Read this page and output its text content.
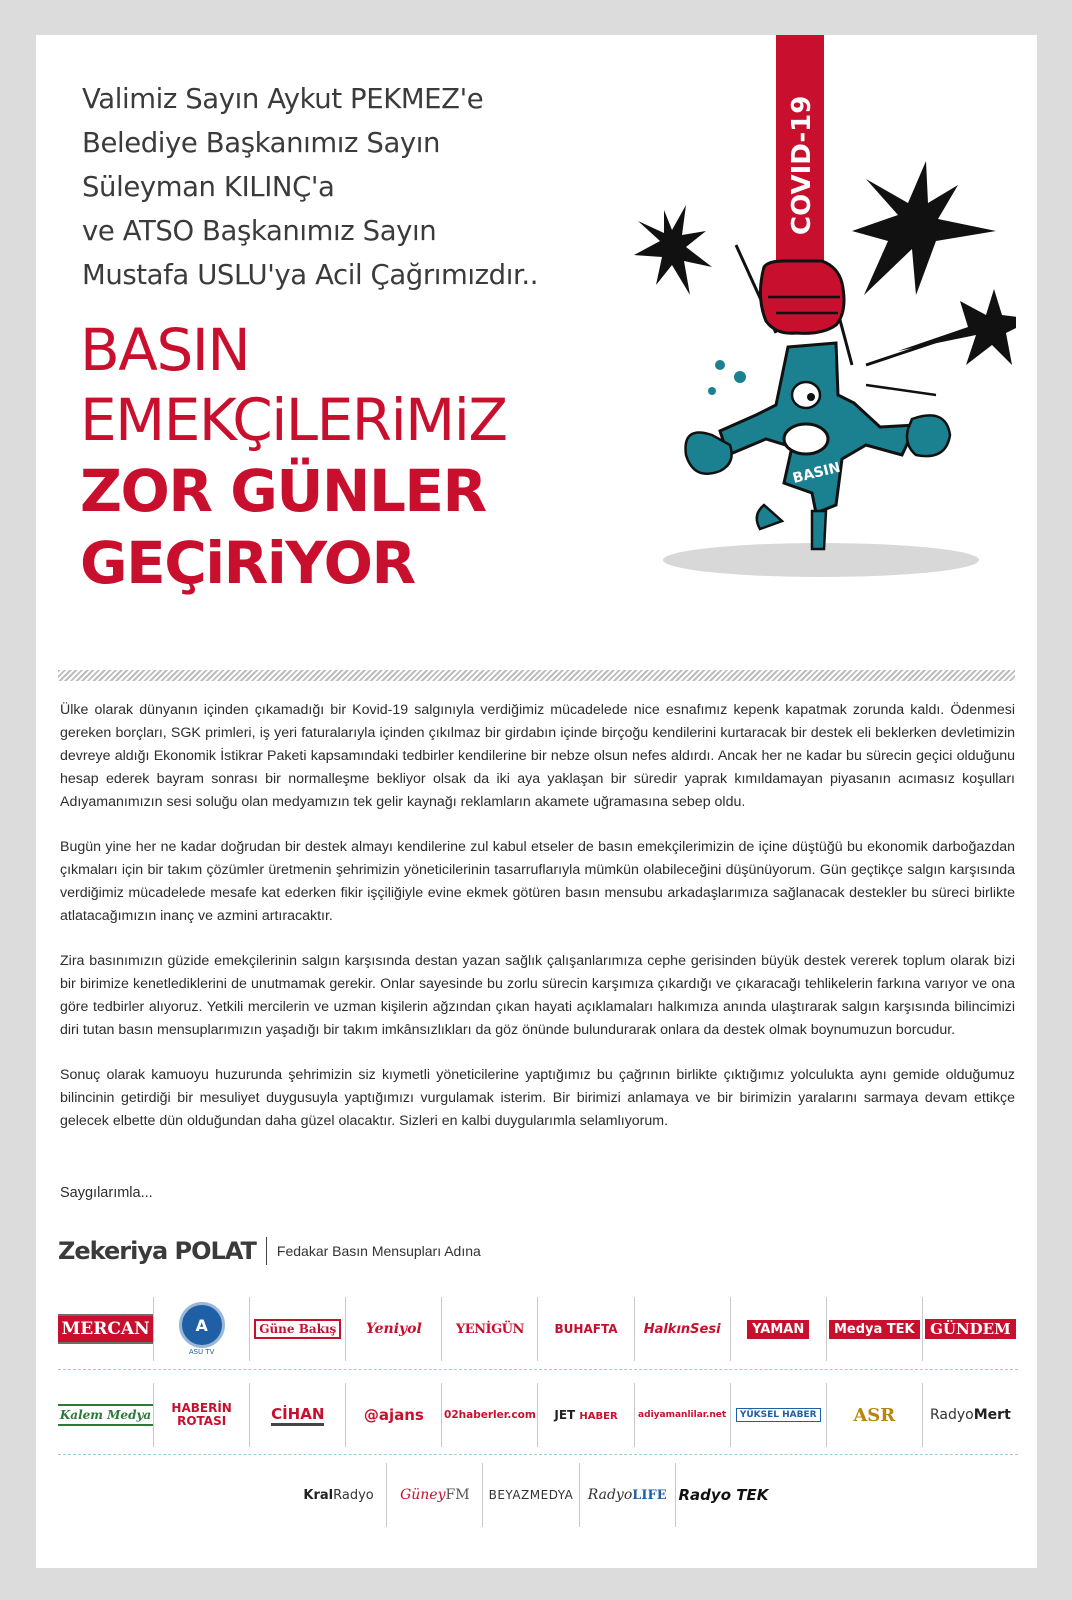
Valimiz Sayın Aykut PEKMEZ'e
Belediye Başkanımız Sayın
Süleyman KILINÇ'a
ve ATSO Başkanımız Sayın
Mustafa USLU'ya Acil Çağrımızdır..
BASIN
EMEKÇiLERiMiZ
ZOR GÜNLER
GEÇiRiYOR
COVID-19
BASIN

Ülke olarak dünyanın içinden çıkamadığı bir Kovid-19 salgınıyla verdiğimiz mücadelede nice esnafımız kepenk kapatmak zorunda kaldı. Ödenmesi gereken borçları, SGK primleri, iş yeri faturalarıyla içinden çıkılmaz bir girdabın içinde birçoğu kendilerini kurtaracak bir destek eli beklerken devletimizin devreye aldığı Ekonomik İstikrar Paketi kapsamındaki tedbirler kendilerine bir nebze olsun nefes aldırdı. Ancak her ne kadar bu sürecin geçici olduğunu hesap ederek bayram sonrası bir normalleşme bekliyor olsak da iki aya yaklaşan bir süredir yaprak kımıldamayan piyasanın acımasız koşulları Adıyamanımızın sesi soluğu olan medyamızın tek gelir kaynağı reklamların akamete uğramasına sebep oldu.

Bugün yine her ne kadar doğrudan bir destek almayı kendilerine zul kabul etseler de basın emekçilerimizin de içine düştüğü bu ekonomik darboğazdan çıkmaları için bir takım çözümler üretmenin şehrimizin yöneticilerinin tasarruflarıyla mümkün olabileceğini düşünüyorum. Gün geçtikçe salgın karşısında verdiğimiz mücadelede mesafe kat ederken fikir işçiliğiyle evine ekmek götüren basın mensubu arkadaşlarımıza sağlanacak destekler bu süreci birlikte atlatacağımızın inanç ve azmini artıracaktır.

Zira basınımızın güzide emekçilerinin salgın karşısında destan yazan sağlık çalışanlarımıza cephe gerisinden büyük destek vererek toplum olarak bizi bir birimize kenetlediklerini de unutmamak gerekir. Onlar sayesinde bu zorlu sürecin karşımıza çıkardığı ve çıkaracağı tehlikelerin farkına varıyor ve ona göre tedbirler alıyoruz. Yetkili mercilerin ve uzman kişilerin ağzından çıkan hayati açıklamaları halkımıza anında ulaştırarak salgın karşısında bilincimizi diri tutan basın mensuplarımızın yaşadığı bir takım imkânsızlıkları da göz önünde bulundurarak onlara da destek olmak boynumuzun borcudur.

Sonuç olarak kamuoyu huzurunda şehrimizin siz kıymetli yöneticilerine yaptığımız bu çağrının birlikte çıktığımız yolculukta aynı gemide olduğumuz bilincinin getirdiği bir mesuliyet duygusuyla yaptığımızı vurgulamak isterim. Bir birimizi anlamaya ve bir birimizin yaralarını sarmaya devam ettikçe gelecek elbette dün olduğundan daha güzel olacaktır. Sizleri en kalbi duygularımla selamlıyorum.

Saygılarımla...
Zekeriya POLAT	Fedakar Basın Mensupları Adına
MERCAN	A
ASU TV
Güne Bakış	Yeniyol	YENİGÜN	BUHAFTA HalkınSesi	YAMAN	Medya TEK	GÜNDEM
Kalem Medya	HABERİN
ROTASI	CİHAN	@ajans 02haberler.com JET HABER adiyamanlilar.net	YÜKSEL HABER ASR RadyoMert
KralRadyo GüneyFM BEYAZMEDYA RadyoLIFE Radyo TEK
